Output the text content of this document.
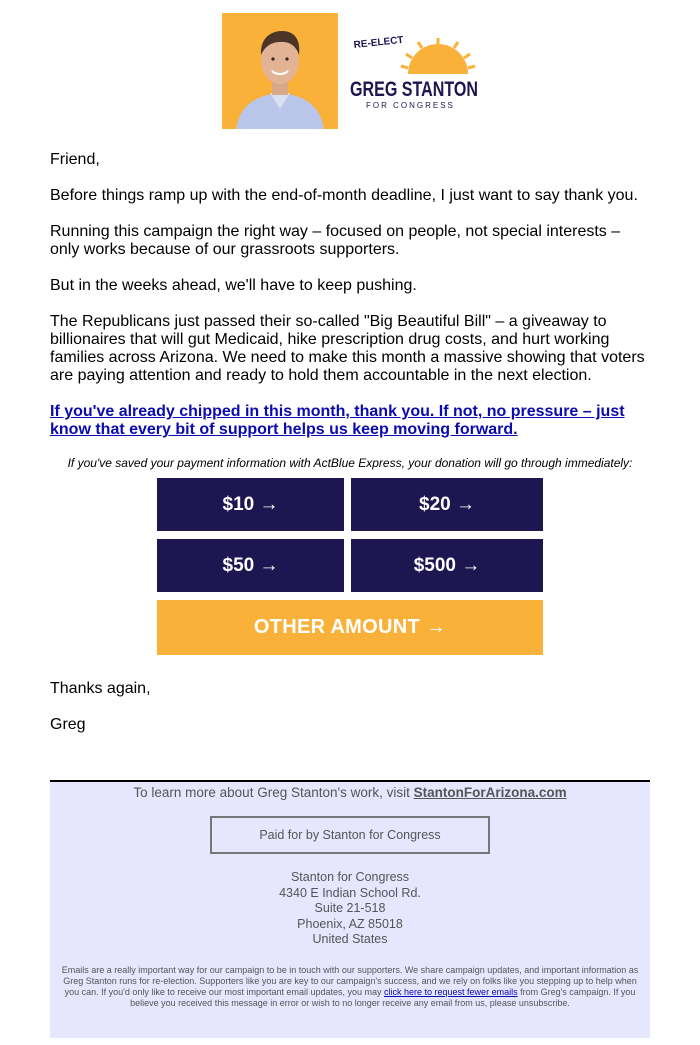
RE-ELECT
GREG STANTON
FOR CONGRESS

Friend,

Before things ramp up with the end-of-month deadline, I just want to say thank you.

Running this campaign the right way – focused on people, not special interests – only works because of our grassroots supporters.

But in the weeks ahead, we'll have to keep pushing.

The Republicans just passed their so-called "Big Beautiful Bill" – a giveaway to billionaires that will gut Medicaid, hike prescription drug costs, and hurt working families across Arizona. We need to make this month a massive showing that voters are paying attention and ready to hold them accountable in the next election.

If you've already chipped in this month, thank you. If not, no pressure – just know that every bit of support helps us keep moving forward.
If you've saved your payment information with ActBlue Express, your donation will go through immediately:
$10 →	$20 →
$50 →	$500 →
OTHER AMOUNT →

Thanks again,

Greg

To learn more about Greg Stanton's work, visit StantonForArizona.com
Paid for by Stanton for Congress
Stanton for Congress
4340 E Indian School Rd.
Suite 21-518
Phoenix, AZ 85018
United States
Emails are a really important way for our campaign to be in touch with our supporters. We share campaign updates, and important information as Greg Stanton runs for re-election. Supporters like you are key to our campaign's success, and we rely on folks like you stepping up to help when you can. If you'd only like to receive our most important email updates, you may click here to request fewer emails from Greg's campaign. If you believe you received this message in error or wish to no longer receive any email from us, please unsubscribe.
